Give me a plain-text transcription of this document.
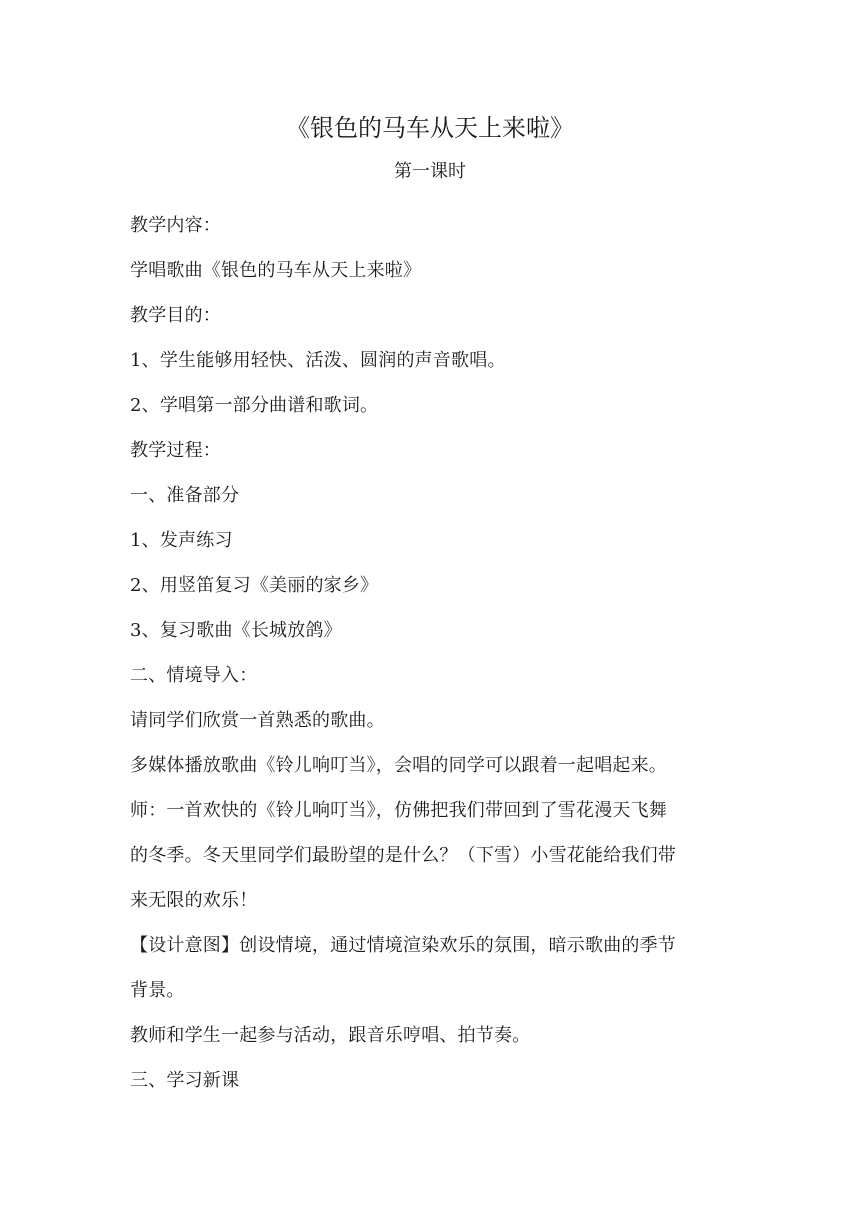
《银色的马车从天上来啦》
第一课时

教学内容：

学唱歌曲《银色的马车从天上来啦》

教学目的：

1、学生能够用轻快、活泼、圆润的声音歌唱。

2、学唱第一部分曲谱和歌词。

教学过程：

一、准备部分

1、发声练习

2、用竖笛复习《美丽的家乡》

3、复习歌曲《长城放鸽》

二、情境导入：

请同学们欣赏一首熟悉的歌曲。

多媒体播放歌曲《铃儿响叮当》，会唱的同学可以跟着一起唱起来。

师：一首欢快的《铃儿响叮当》，仿佛把我们带回到了雪花漫天飞舞

的冬季。冬天里同学们最盼望的是什么？（下雪）小雪花能给我们带

来无限的欢乐！

【设计意图】创设情境，通过情境渲染欢乐的氛围，暗示歌曲的季节

背景。

教师和学生一起参与活动，跟音乐哼唱、拍节奏。

三、学习新课
